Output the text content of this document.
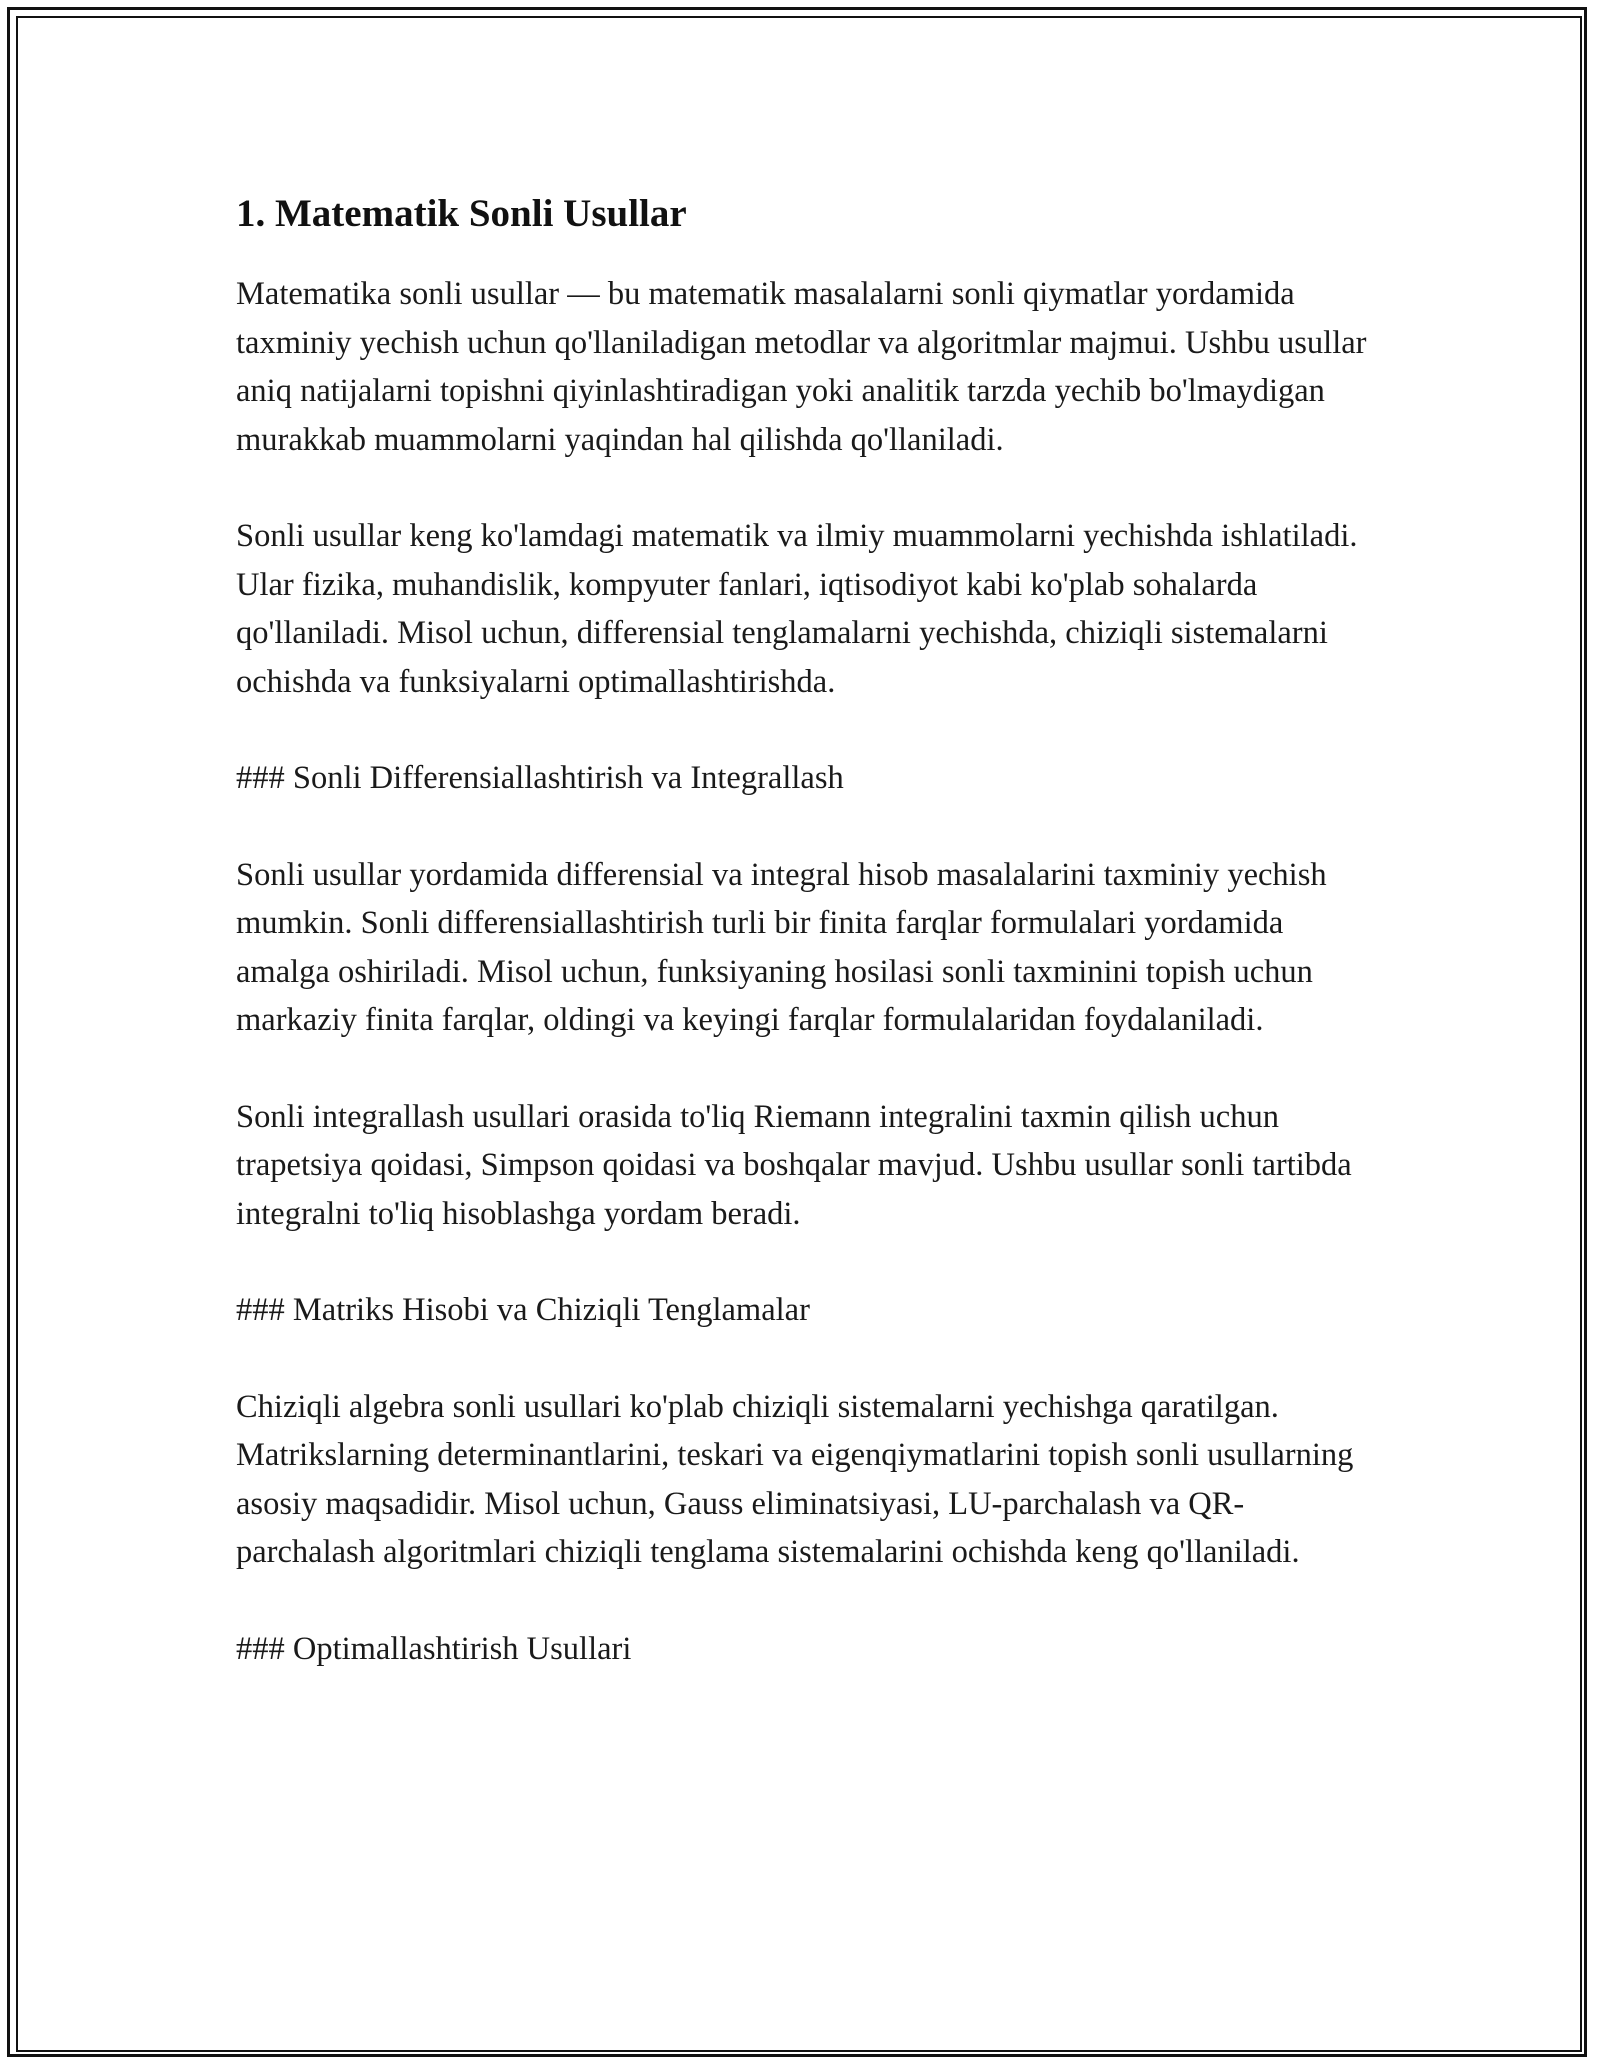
1. Matematik Sonli Usullar

Matematika sonli usullar — bu matematik masalalarni sonli qiymatlar yordamida taxminiy yechish uchun qo'llaniladigan metodlar va algoritmlar majmui. Ushbu usullar aniq natijalarni topishni qiyinlashtiradigan yoki analitik tarzda yechib bo'lmaydigan murakkab muammolarni yaqindan hal qilishda qo'llaniladi.

Sonli usullar keng ko'lamdagi matematik va ilmiy muammolarni yechishda ishlatiladi. Ular fizika, muhandislik, kompyuter fanlari, iqtisodiyot kabi ko'plab sohalarda qo'llaniladi. Misol uchun, differensial tenglamalarni yechishda, chiziqli sistemalarni ochishda va funksiyalarni optimallashtirishda.

### Sonli Differensiallashtirish va Integrallash

Sonli usullar yordamida differensial va integral hisob masalalarini taxminiy yechish mumkin. Sonli differensiallashtirish turli bir finita farqlar formulalari yordamida amalga oshiriladi. Misol uchun, funksiyaning hosilasi sonli taxminini topish uchun markaziy finita farqlar, oldingi va keyingi farqlar formulalaridan foydalaniladi.

Sonli integrallash usullari orasida to'liq Riemann integralini taxmin qilish uchun trapetsiya qoidasi, Simpson qoidasi va boshqalar mavjud. Ushbu usullar sonli tartibda integralni to'liq hisoblashga yordam beradi.

### Matriks Hisobi va Chiziqli Tenglamalar

Chiziqli algebra sonli usullari ko'plab chiziqli sistemalarni yechishga qaratilgan. Matrikslarning determinantlarini, teskari va eigenqiymatlarini topish sonli usullarning asosiy maqsadidir. Misol uchun, Gauss eliminatsiyasi, LU-parchalash va QR-parchalash algoritmlari chiziqli tenglama sistemalarini ochishda keng qo'llaniladi.

### Optimallashtirish Usullari
